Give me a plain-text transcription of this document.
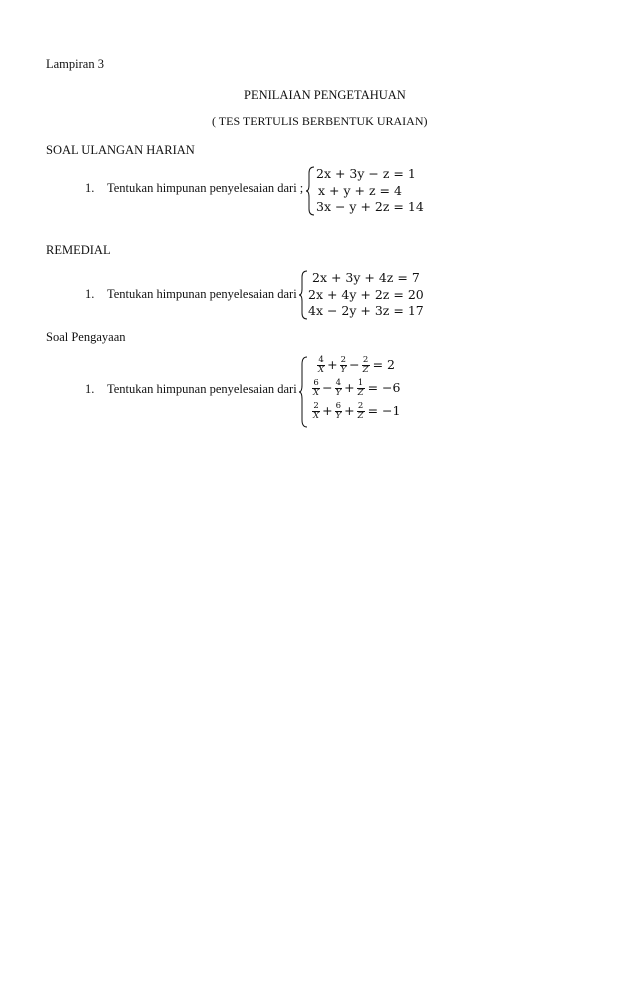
Lampiran 3
PENILAIAN PENGETAHUAN
( TES TERTULIS BERBENTUK URAIAN)
SOAL ULANGAN HARIAN
1. Tentukan himpunan penyelesaian dari ;
2x + 3y − z = 1
x + y + z = 4
3x − y + 2z = 14
REMEDIAL
1. Tentukan himpunan penyelesaian dari
2x + 3y + 4z = 7
2x + 4y + 2z = 20
4x − 2y + 3z = 17
Soal Pengayaan
1. Tentukan himpunan penyelesaian dari
$\frac{4}{X} + \frac{2}{Y} - \frac{2}{Z} = 2$
$\frac{6}{X} - \frac{4}{Y} + \frac{1}{Z} = -6$
$\frac{2}{X} + \frac{6}{Y} + \frac{2}{Z} = -1$
